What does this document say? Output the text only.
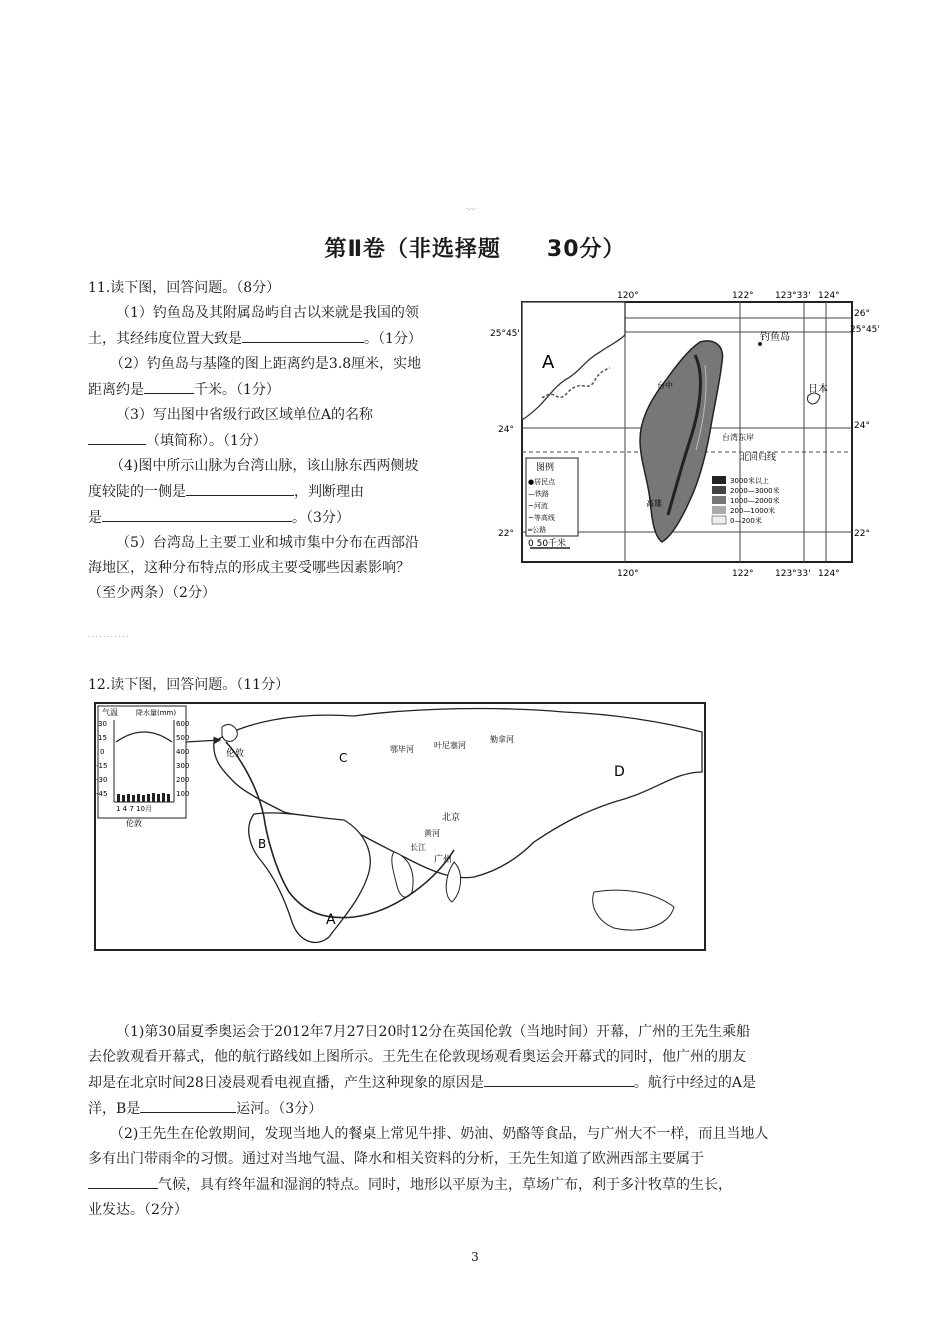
·-·-·
第Ⅱ卷（非选择题　　30分）
11.读下图，回答问题。（8分）
（1）钓鱼岛及其附属岛屿自古以来就是我国的领
土，其经纬度位置大致是	。（1分）
（2）钓鱼岛与基隆的图上距离约是3.8厘米，实地
距离约是	千米。（1分）
（3）写出图中省级行政区域单位A的名称
（填简称）。（1分）
（4)图中所示山脉为台湾山脉，该山脉东西两侧坡
度较陡的一侧是	，判断理由
是	。（3分）
（5）台湾岛上主要工业和城市集中分布在西部沿
海地区，这种分布特点的形成主要受哪些因素影响？
（至少两条）（2分）
120°	122° 123°33' 124°
120°	122° 123°33' 124°
25°45'
24°
22°
26°
25°45'
24°
22°
A
台中
高雄
台湾东岸
钓鱼岛
日本
北回归线
图例
●居民点
—铁路
~河流
~等高线
═公路
3000米以上
2000—3000米
1000—2000米
200—1000米
0—200米
0 50千米
. . . . . . . . . . .
12.读下图，回答问题。（11分）
气温	降水量(mm)
30
15
0
-15
-30
-45
600
500
400
300
200
100
1 4 7 10月
伦敦
伦敦
A
B
C
D
北京
广州
黄河
长江
勒拿河
叶尼塞河
鄂毕河
（1)第30届夏季奥运会于2012年7月27日20时12分在英国伦敦（当地时间）开幕，广州的王先生乘船
去伦敦观看开幕式，他的航行路线如上图所示。王先生在伦敦现场观看奥运会开幕式的同时，他广州的朋友
却是在北京时间28日凌晨观看电视直播，产生这种现象的原因是	。航行中经过的A是
洋，B是	运河。（3分）
（2)王先生在伦敦期间，发现当地人的餐桌上常见牛排、奶油、奶酪等食品，与广州大不一样，而且当地人
多有出门带雨伞的习惯。通过对当地气温、降水和相关资料的分析，王先生知道了欧洲西部主要属于
气候，具有终年温和湿润的特点。同时，地形以平原为主，草场广布，利于多汁牧草的生长，
业发达。（2分）
3
